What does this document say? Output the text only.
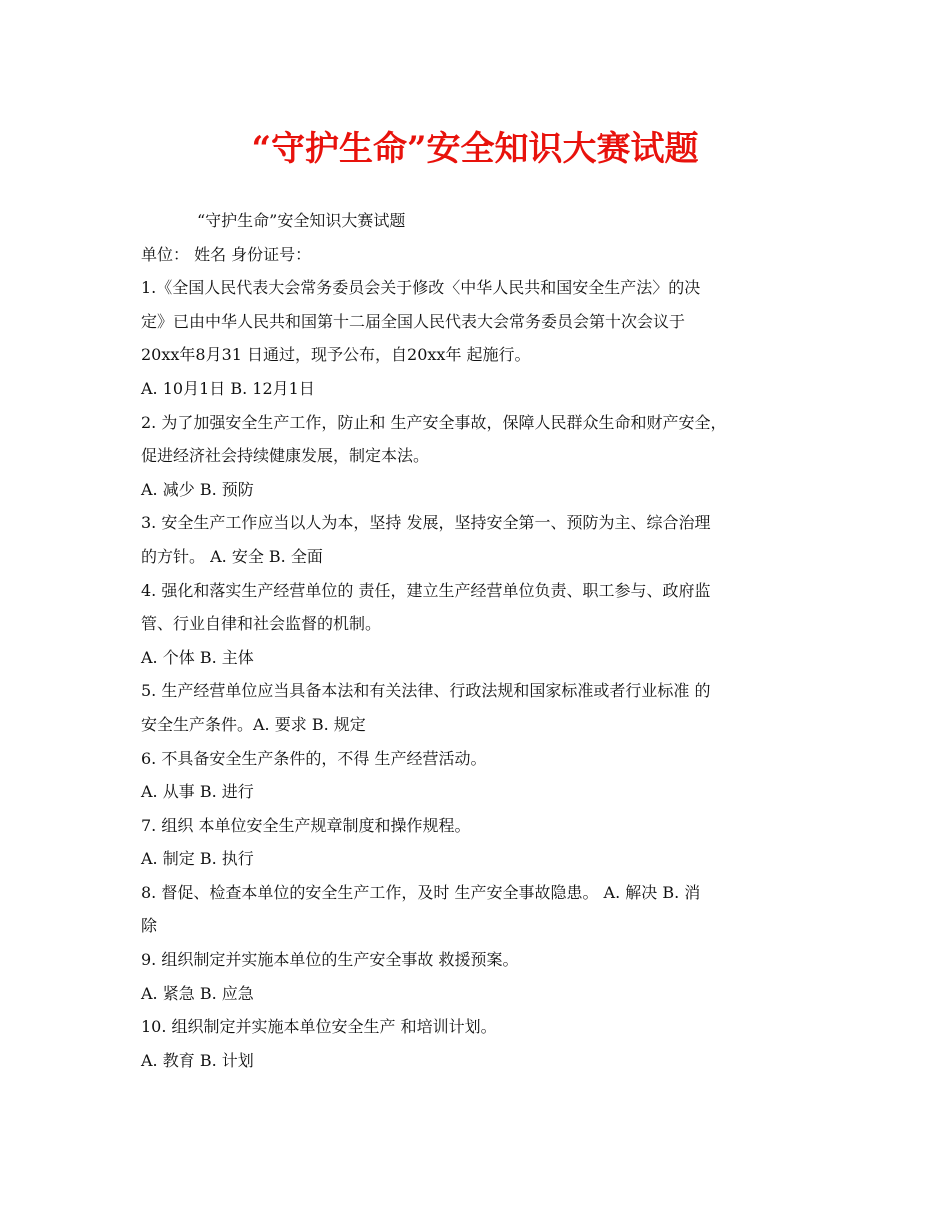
“守护生命”安全知识大赛试题
“守护生命”安全知识大赛试题
单位： 姓名 身份证号：
1.《全国人民代表大会常务委员会关于修改〈中华人民共和国安全生产法〉的决
定》已由中华人民共和国第十二届全国人民代表大会常务委员会第十次会议于
20xx年8月31 日通过，现予公布，自20xx年 起施行。
A. 10月1日 B. 12月1日
2. 为了加强安全生产工作，防止和 生产安全事故，保障人民群众生命和财产安全，
促进经济社会持续健康发展，制定本法。
A. 减少 B. 预防
3. 安全生产工作应当以人为本，坚持 发展，坚持安全第一、预防为主、综合治理
的方针。 A. 安全 B. 全面
4. 强化和落实生产经营单位的 责任，建立生产经营单位负责、职工参与、政府监
管、行业自律和社会监督的机制。
A. 个体 B. 主体
5. 生产经营单位应当具备本法和有关法律、行政法规和国家标准或者行业标准 的
安全生产条件。A. 要求 B. 规定
6. 不具备安全生产条件的，不得 生产经营活动。
A. 从事 B. 进行
7. 组织 本单位安全生产规章制度和操作规程。
A. 制定 B. 执行
8. 督促、检查本单位的安全生产工作，及时 生产安全事故隐患。 A. 解决 B. 消
除
9. 组织制定并实施本单位的生产安全事故 救援预案。
A. 紧急 B. 应急
10. 组织制定并实施本单位安全生产 和培训计划。
A. 教育 B. 计划
